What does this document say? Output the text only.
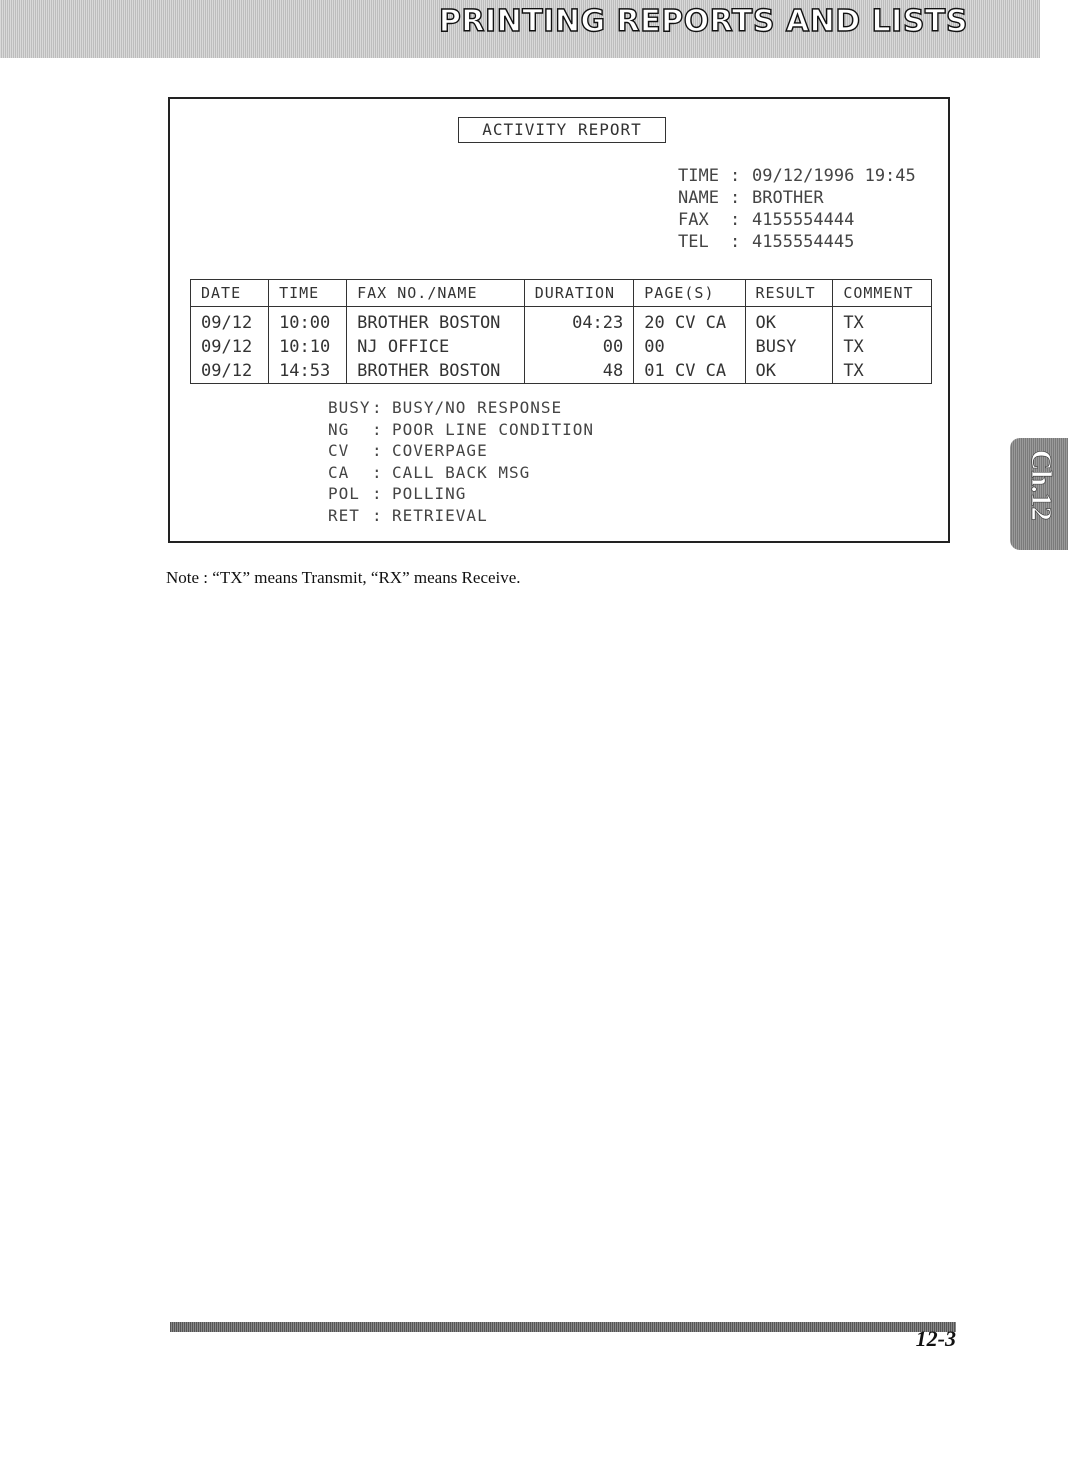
PRINTING REPORTS AND LISTS
ACTIVITY REPORT
TIME : 09/12/1996 19:45
NAME : BROTHER
FAX : 4155554444
TEL : 4155554445
DATE	TIME	FAX NO./NAME	DURATION	PAGE(S)	RESULT	COMMENT
09/12	10:00	BROTHER BOSTON	04:23	20 CV CA	OK	TX
09/12	10:10	NJ OFFICE	00	00	BUSY	TX
09/12	14:53	BROTHER BOSTON	48	01 CV CA	OK	TX
BUSY: BUSY/NO RESPONSE
NG : POOR LINE CONDITION
CV : COVERPAGE
CA : CALL BACK MSG
POL : POLLING
RET : RETRIEVAL
Note : “TX” means Transmit, “RX” means Receive.
Ch.12
12-3
